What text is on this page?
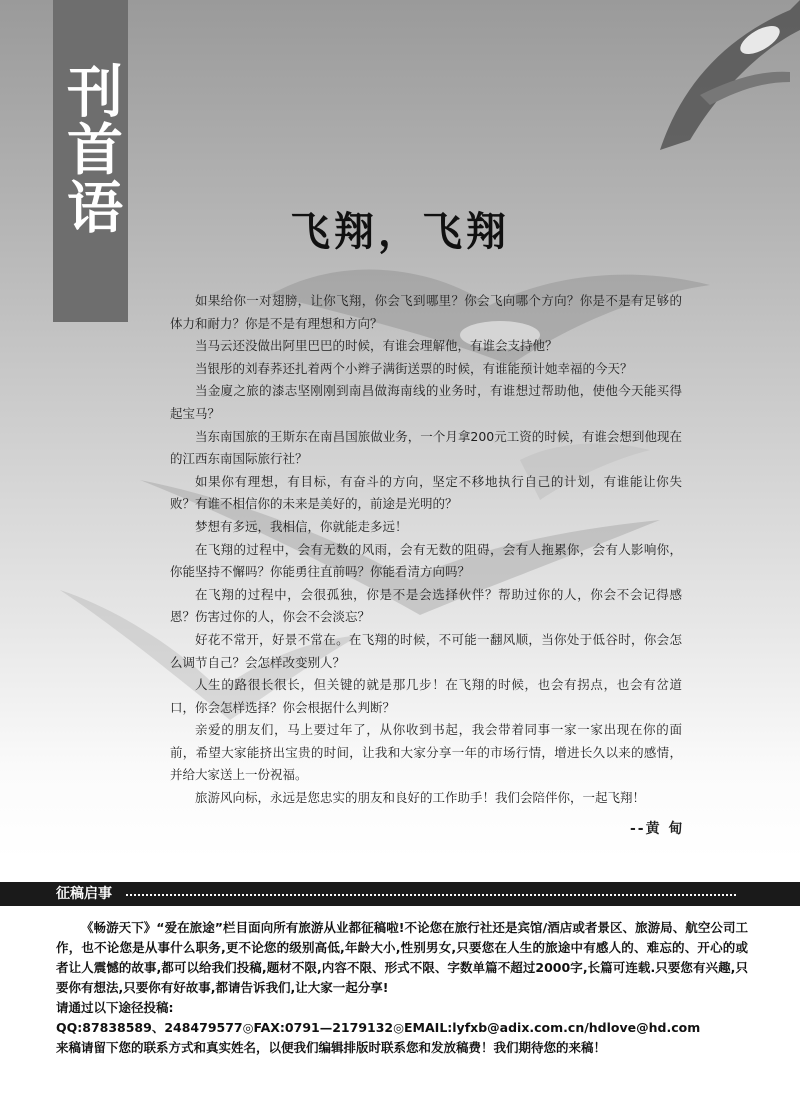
刊首语	飞翔，飞翔

如果给你一对翅膀，让你飞翔，你会飞到哪里？你会飞向哪个方向？你是不是有足够的体力和耐力？你是不是有理想和方向？

当马云还没做出阿里巴巴的时候，有谁会理解他，有谁会支持他？

当银彤的刘春荞还扎着两个小辫子满街送票的时候，有谁能预计她幸福的今天？

当金廈之旅的漆志坚刚刚到南昌做海南线的业务时，有谁想过帮助他，使他今天能买得起宝马？

当东南国旅的王斯东在南昌国旅做业务，一个月拿200元工资的时候，有谁会想到他现在的江西东南国际旅行社？

如果你有理想，有目标，有奋斗的方向，坚定不移地执行自己的计划，有谁能让你失败？有谁不相信你的未来是美好的，前途是光明的？

梦想有多远，我相信，你就能走多远！

在飞翔的过程中，会有无数的风雨，会有无数的阻碍，会有人拖累你，会有人影响你，你能坚持不懈吗？你能勇往直前吗？你能看清方向吗？

在飞翔的过程中，会很孤独，你是不是会选择伙伴？帮助过你的人，你会不会记得感恩？伤害过你的人，你会不会淡忘？

好花不常开，好景不常在。在飞翔的时候，不可能一翻风顺，当你处于低谷时，你会怎么调节自己？会怎样改变别人？

人生的路很长很长，但关键的就是那几步！在飞翔的时候，也会有拐点，也会有岔道口，你会怎样选择？你会根据什么判断？

亲爱的朋友们，马上要过年了，从你收到书起，我会带着同事一家一家出现在你的面前，希望大家能挤出宝贵的时间，让我和大家分享一年的市场行情，增进长久以来的感情，并给大家送上一份祝福。

旅游风向标，永远是您忠实的朋友和良好的工作助手！我们会陪伴你，一起飞翔！

--黄 甸
征稿启事

《畅游天下》“爱在旅途”栏目面向所有旅游从业都征稿啦!不论您在旅行社还是宾馆/酒店或者景区、旅游局、航空公司工作，也不论您是从事什么职务,更不论您的级别高低,年龄大小,性别男女,只要您在人生的旅途中有感人的、难忘的、开心的或者让人震憾的故事,都可以给我们投稿,题材不限,内容不限、形式不限、字数单篇不超过2000字,长篇可连载.只要您有兴趣,只要你有想法,只要你有好故事,都请告诉我们,让大家一起分享!

请通过以下途径投稿:

QQ:87838589、248479577◎FAX:0791—2179132◎EMAIL:lyfxb@adix.com.cn/hdlove@hd.com

来稿请留下您的联系方式和真实姓名，以便我们编辑排版时联系您和发放稿费！我们期待您的来稿！
